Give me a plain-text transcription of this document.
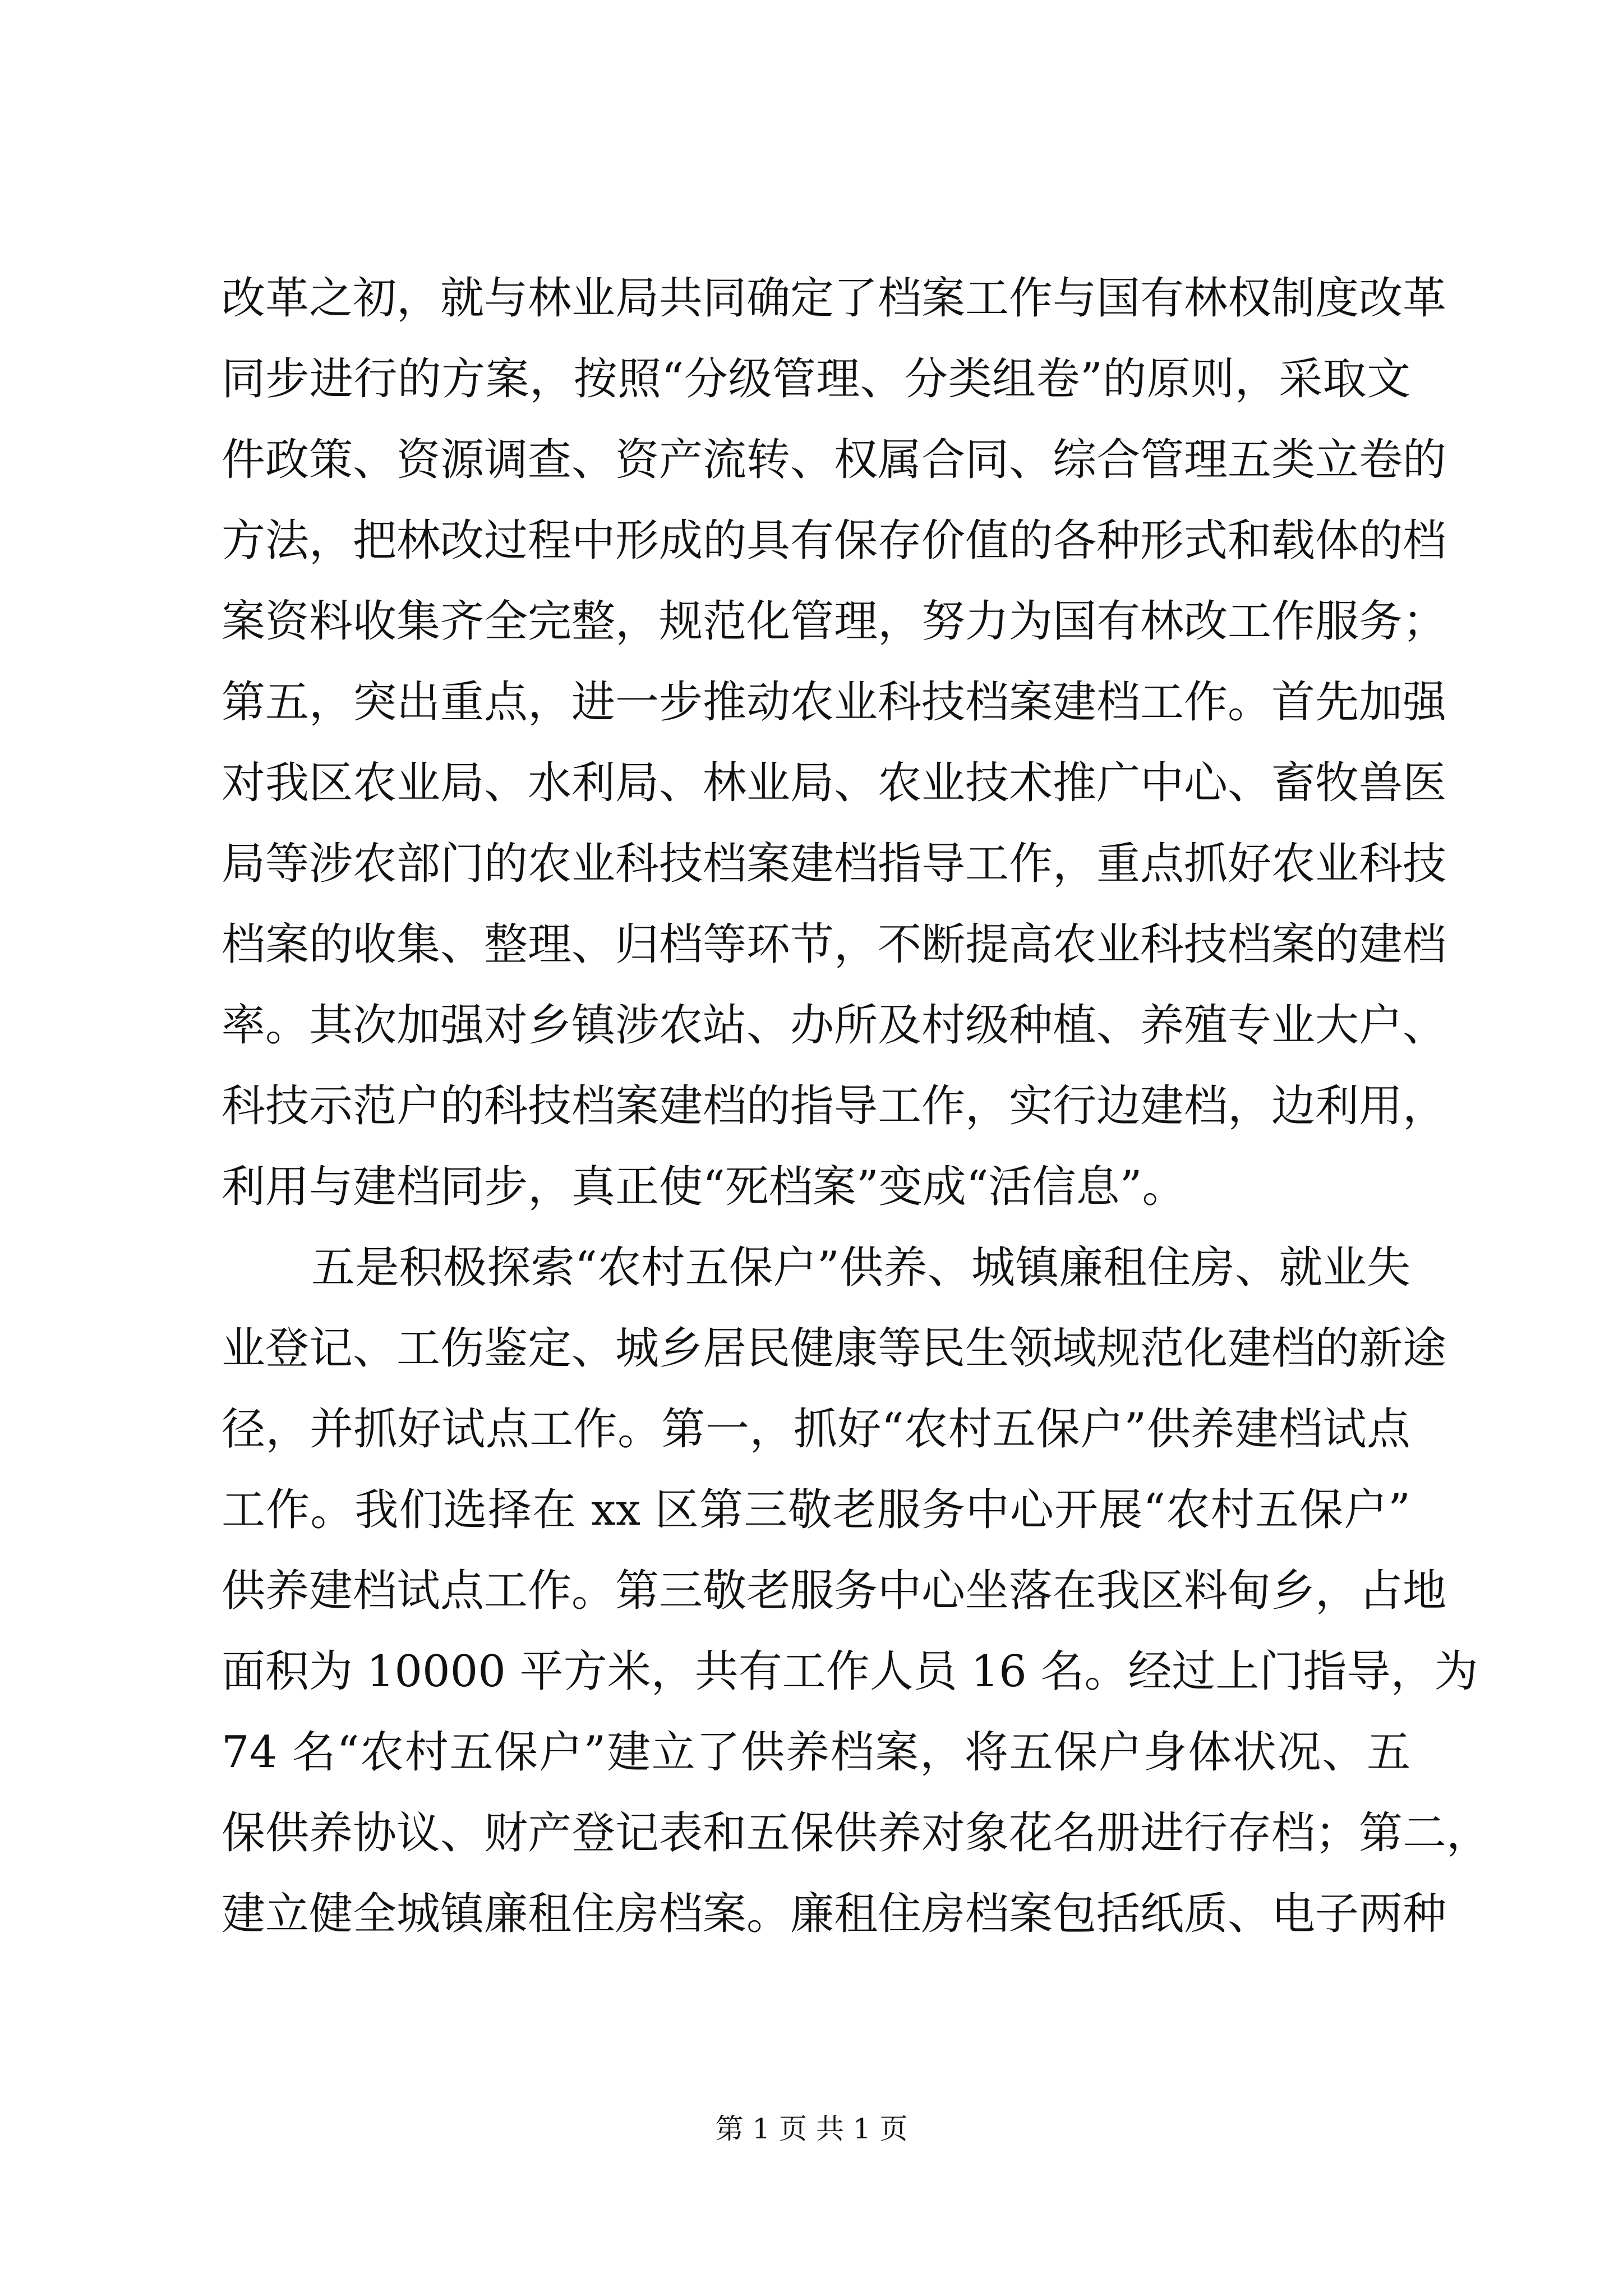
改革之初，就与林业局共同确定了档案工作与国有林权制度改革
同步进行的方案，按照“分级管理、分类组卷”的原则，采取文
件政策、资源调查、资产流转、权属合同、综合管理五类立卷的
方法，把林改过程中形成的具有保存价值的各种形式和载体的档
案资料收集齐全完整，规范化管理，努力为国有林改工作服务；
第五，突出重点，进一步推动农业科技档案建档工作。首先加强
对我区农业局、水利局、林业局、农业技术推广中心、畜牧兽医
局等涉农部门的农业科技档案建档指导工作，重点抓好农业科技
档案的收集、整理、归档等环节，不断提高农业科技档案的建档
率。其次加强对乡镇涉农站、办所及村级种植、养殖专业大户、
科技示范户的科技档案建档的指导工作，实行边建档，边利用，
利用与建档同步，真正使“死档案”变成“活信息”。
五是积极探索“农村五保户”供养、城镇廉租住房、就业失
业登记、工伤鉴定、城乡居民健康等民生领域规范化建档的新途
径，并抓好试点工作。第一，抓好“农村五保户”供养建档试点
工作。我们选择在 xx 区第三敬老服务中心开展“农村五保户”
供养建档试点工作。第三敬老服务中心坐落在我区料甸乡，占地
面积为 10000 平方米，共有工作人员 16 名。经过上门指导，为
74 名“农村五保户”建立了供养档案，将五保户身体状况、五
保供养协议、财产登记表和五保供养对象花名册进行存档；第二，
建立健全城镇廉租住房档案。廉租住房档案包括纸质、电子两种
第 1 页 共 1 页
